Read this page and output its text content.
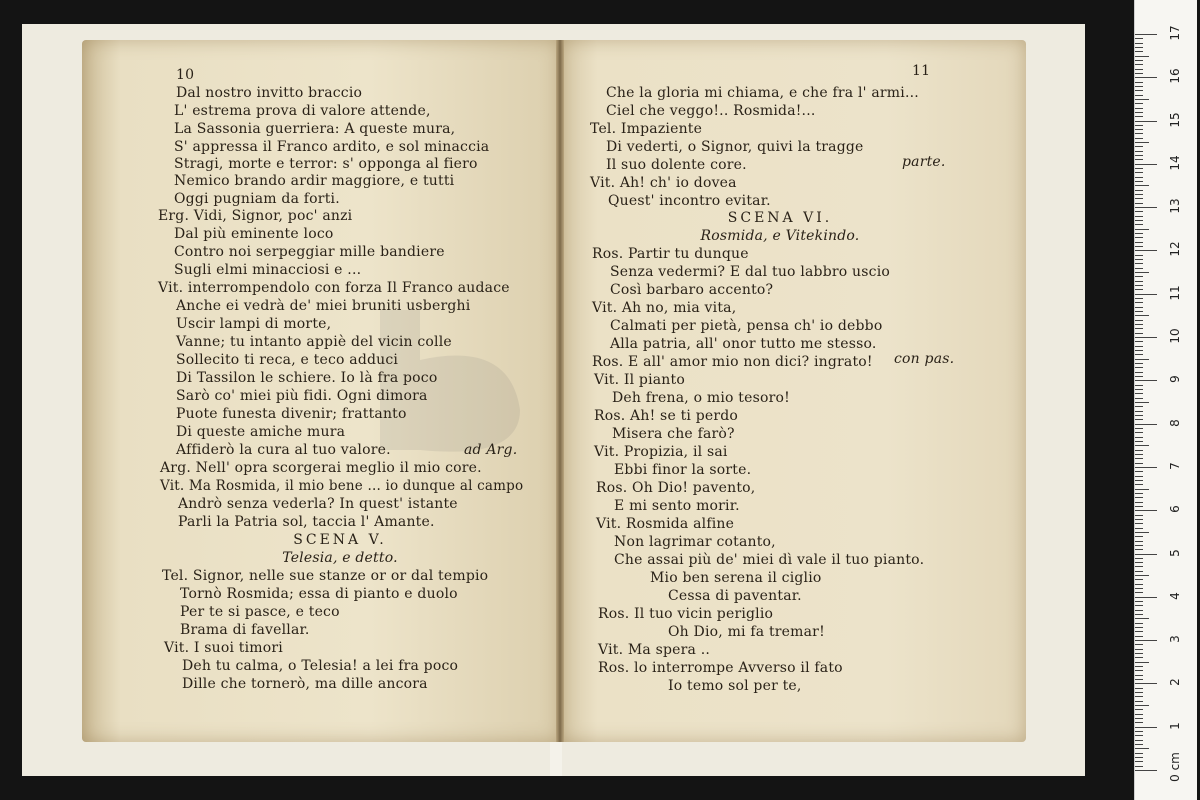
10	11
Dal nostro invitto braccio
L' estrema prova di valore attende,
La Sassonia guerriera: A queste mura,
S' appressa il Franco ardito, e sol minaccia
Stragi, morte e terror: s' opponga al fiero
Nemico brando ardir maggiore, e tutti
Oggi pugniam da forti.
Erg. Vidi, Signor, poc' anzi
Dal più eminente loco
Contro noi serpeggiar mille bandiere
Sugli elmi minacciosi e ...
Vit. interrompendolo con forza Il Franco audace
Anche ei vedrà de' miei bruniti usberghi
Uscir lampi di morte,
Vanne; tu intanto appiè del vicin colle
Sollecito ti reca, e teco adduci
Di Tassilon le schiere. Io là fra poco
Sarò co' miei più fidi. Ogni dimora
Puote funesta divenir; frattanto
Di queste amiche mura
Affiderò la cura al tuo valore.	ad Arg.
Arg. Nell' opra scorgerai meglio il mio core.
Vit. Ma Rosmida, il mio bene ... io dunque al campo
Andrò senza vederla? In quest' istante
Parli la Patria sol, taccia l' Amante.
SCENA V.
Telesia, e detto.
Tel. Signor, nelle sue stanze or or dal tempio
Tornò Rosmida; essa di pianto e duolo
Per te si pasce, e teco
Brama di favellar.
Vit. I suoi timori
Deh tu calma, o Telesia! a lei fra poco
Dille che tornerò, ma dille ancora
Che la gloria mi chiama, e che fra l' armi...
Ciel che veggo!.. Rosmida!...
Tel. Impaziente
Di vederti, o Signor, quivi la tragge
Il suo dolente core.	parte.
Vit. Ah! ch' io dovea
Quest' incontro evitar.
SCENA VI.
Rosmida, e Vitekindo.
Ros. Partir tu dunque
Senza vedermi? E dal tuo labbro uscio
Così barbaro accento?
Vit. Ah no, mia vita,
Calmati per pietà, pensa ch' io debbo
Alla patria, all' onor tutto me stesso.
Ros. E all' amor mio non dici? ingrato! con pas.
Vit. Il pianto
Deh frena, o mio tesoro!
Ros. Ah! se ti perdo
Misera che farò?
Vit. Propizia, il sai
Ebbi finor la sorte.
Ros. Oh Dio! pavento,
E mi sento morir.
Vit. Rosmida alfine
Non lagrimar cotanto,
Che assai più de' miei dì vale il tuo pianto.
Mio ben serena il ciglio
Cessa di paventar.
Ros. Il tuo vicin periglio
Oh Dio, mi fa tremar!
Vit. Ma spera ..
Ros. lo interrompe Avverso il fato
Io temo sol per te,
0 cm
1
2
3
4
5
6
7
8
9
10
11
12
13
14
15
16
17
